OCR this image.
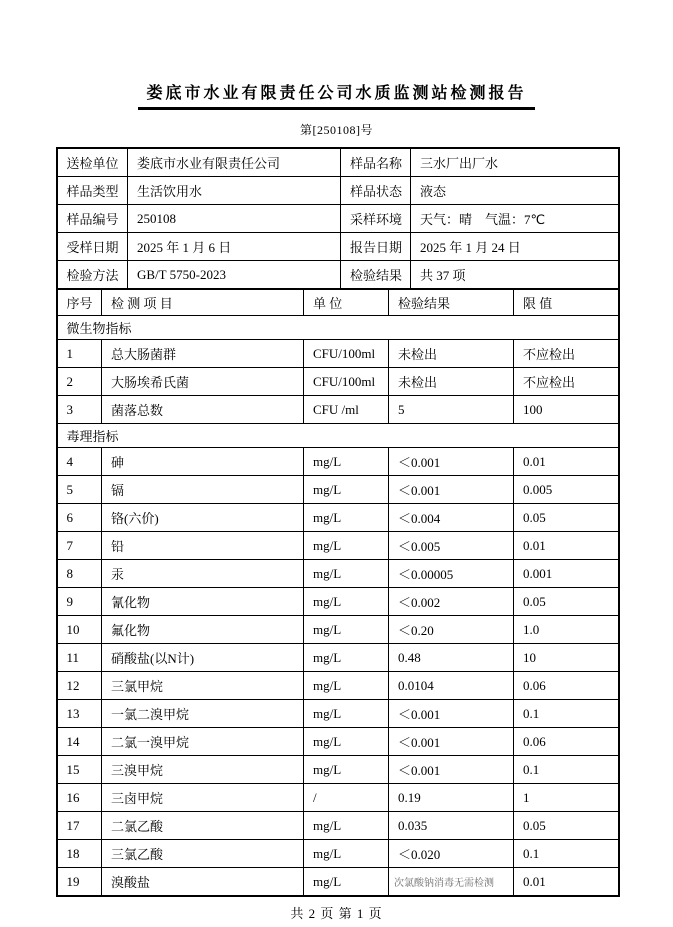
娄底市水业有限责任公司水质监测站检测报告
第[250108]号
送检单位	娄底市水业有限责任公司	样品名称	三水厂出厂水
样品类型	生活饮用水	样品状态	液态
样品编号	250108	采样环境	天气：晴　气温：7℃
受样日期	2025 年 1 月 6 日	报告日期	2025 年 1 月 24 日
检验方法	GB/T 5750-2023	检验结果	共 37 项
序号	检 测 项 目	单 位	检验结果	限 值
微生物指标				
1	总大肠菌群	CFU/100ml	未检出	不应检出
2	大肠埃希氏菌	CFU/100ml	未检出	不应检出
3	菌落总数	CFU /ml	5	100
毒理指标				
4	砷	mg/L	＜0.001	0.01
5	镉	mg/L	＜0.001	0.005
6	铬(六价)	mg/L	＜0.004	0.05
7	铅	mg/L	＜0.005	0.01
8	汞	mg/L	＜0.00005	0.001
9	氰化物	mg/L	＜0.002	0.05
10	氟化物	mg/L	＜0.20	1.0
11	硝酸盐(以N计)	mg/L	0.48	10
12	三氯甲烷	mg/L	0.0104	0.06
13	一氯二溴甲烷	mg/L	＜0.001	0.1
14	二氯一溴甲烷	mg/L	＜0.001	0.06
15	三溴甲烷	mg/L	＜0.001	0.1
16	三卤甲烷	/	0.19	1
17	二氯乙酸	mg/L	0.035	0.05
18	三氯乙酸	mg/L	＜0.020	0.1
19	溴酸盐	mg/L	次氯酸钠消毒无需检测	0.01
共 2 页 第 1 页
